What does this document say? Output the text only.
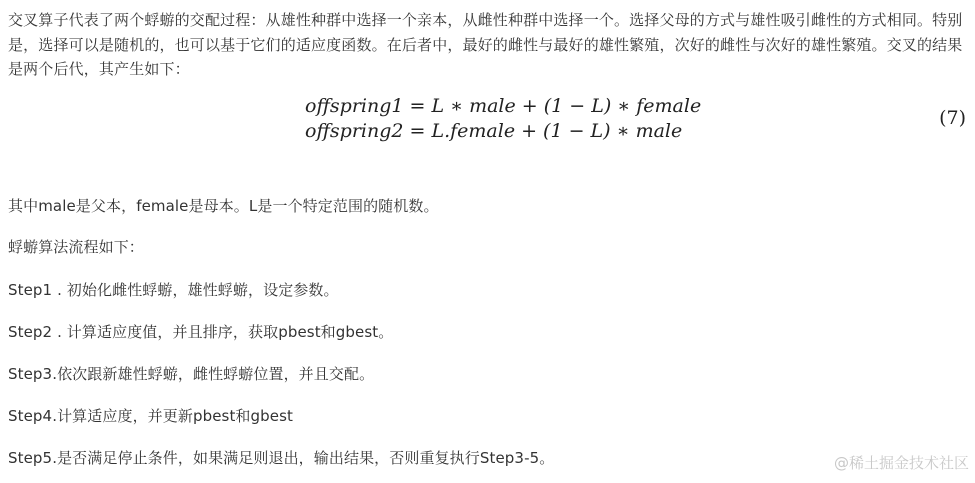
交叉算子代表了两个蜉蝣的交配过程：从雄性种群中选择一个亲本，从雌性种群中选择一个。选择父母的方式与雄性吸引雌性的方式相同。特别是，选择可以是随机的，也可以基于它们的适应度函数。在后者中，最好的雌性与最好的雄性繁殖，次好的雌性与次好的雄性繁殖。交叉的结果是两个后代，其产生如下：

offspring1 = L ∗ male + (1 − L) ∗ female
offspring2 = L.female + (1 − L) ∗ male
(7)

其中male是父本，female是母本。L是一个特定范围的随机数。

蜉蝣算法流程如下：

Step1 . 初始化雌性蜉蝣，雄性蜉蝣，设定参数。

Step2 . 计算适应度值，并且排序，获取pbest和gbest。

Step3.依次跟新雄性蜉蝣，雌性蜉蝣位置，并且交配。

Step4.计算适应度，并更新pbest和gbest

Step5.是否满足停止条件，如果满足则退出，输出结果，否则重复执行Step3-5。	@稀土掘金技术社区
